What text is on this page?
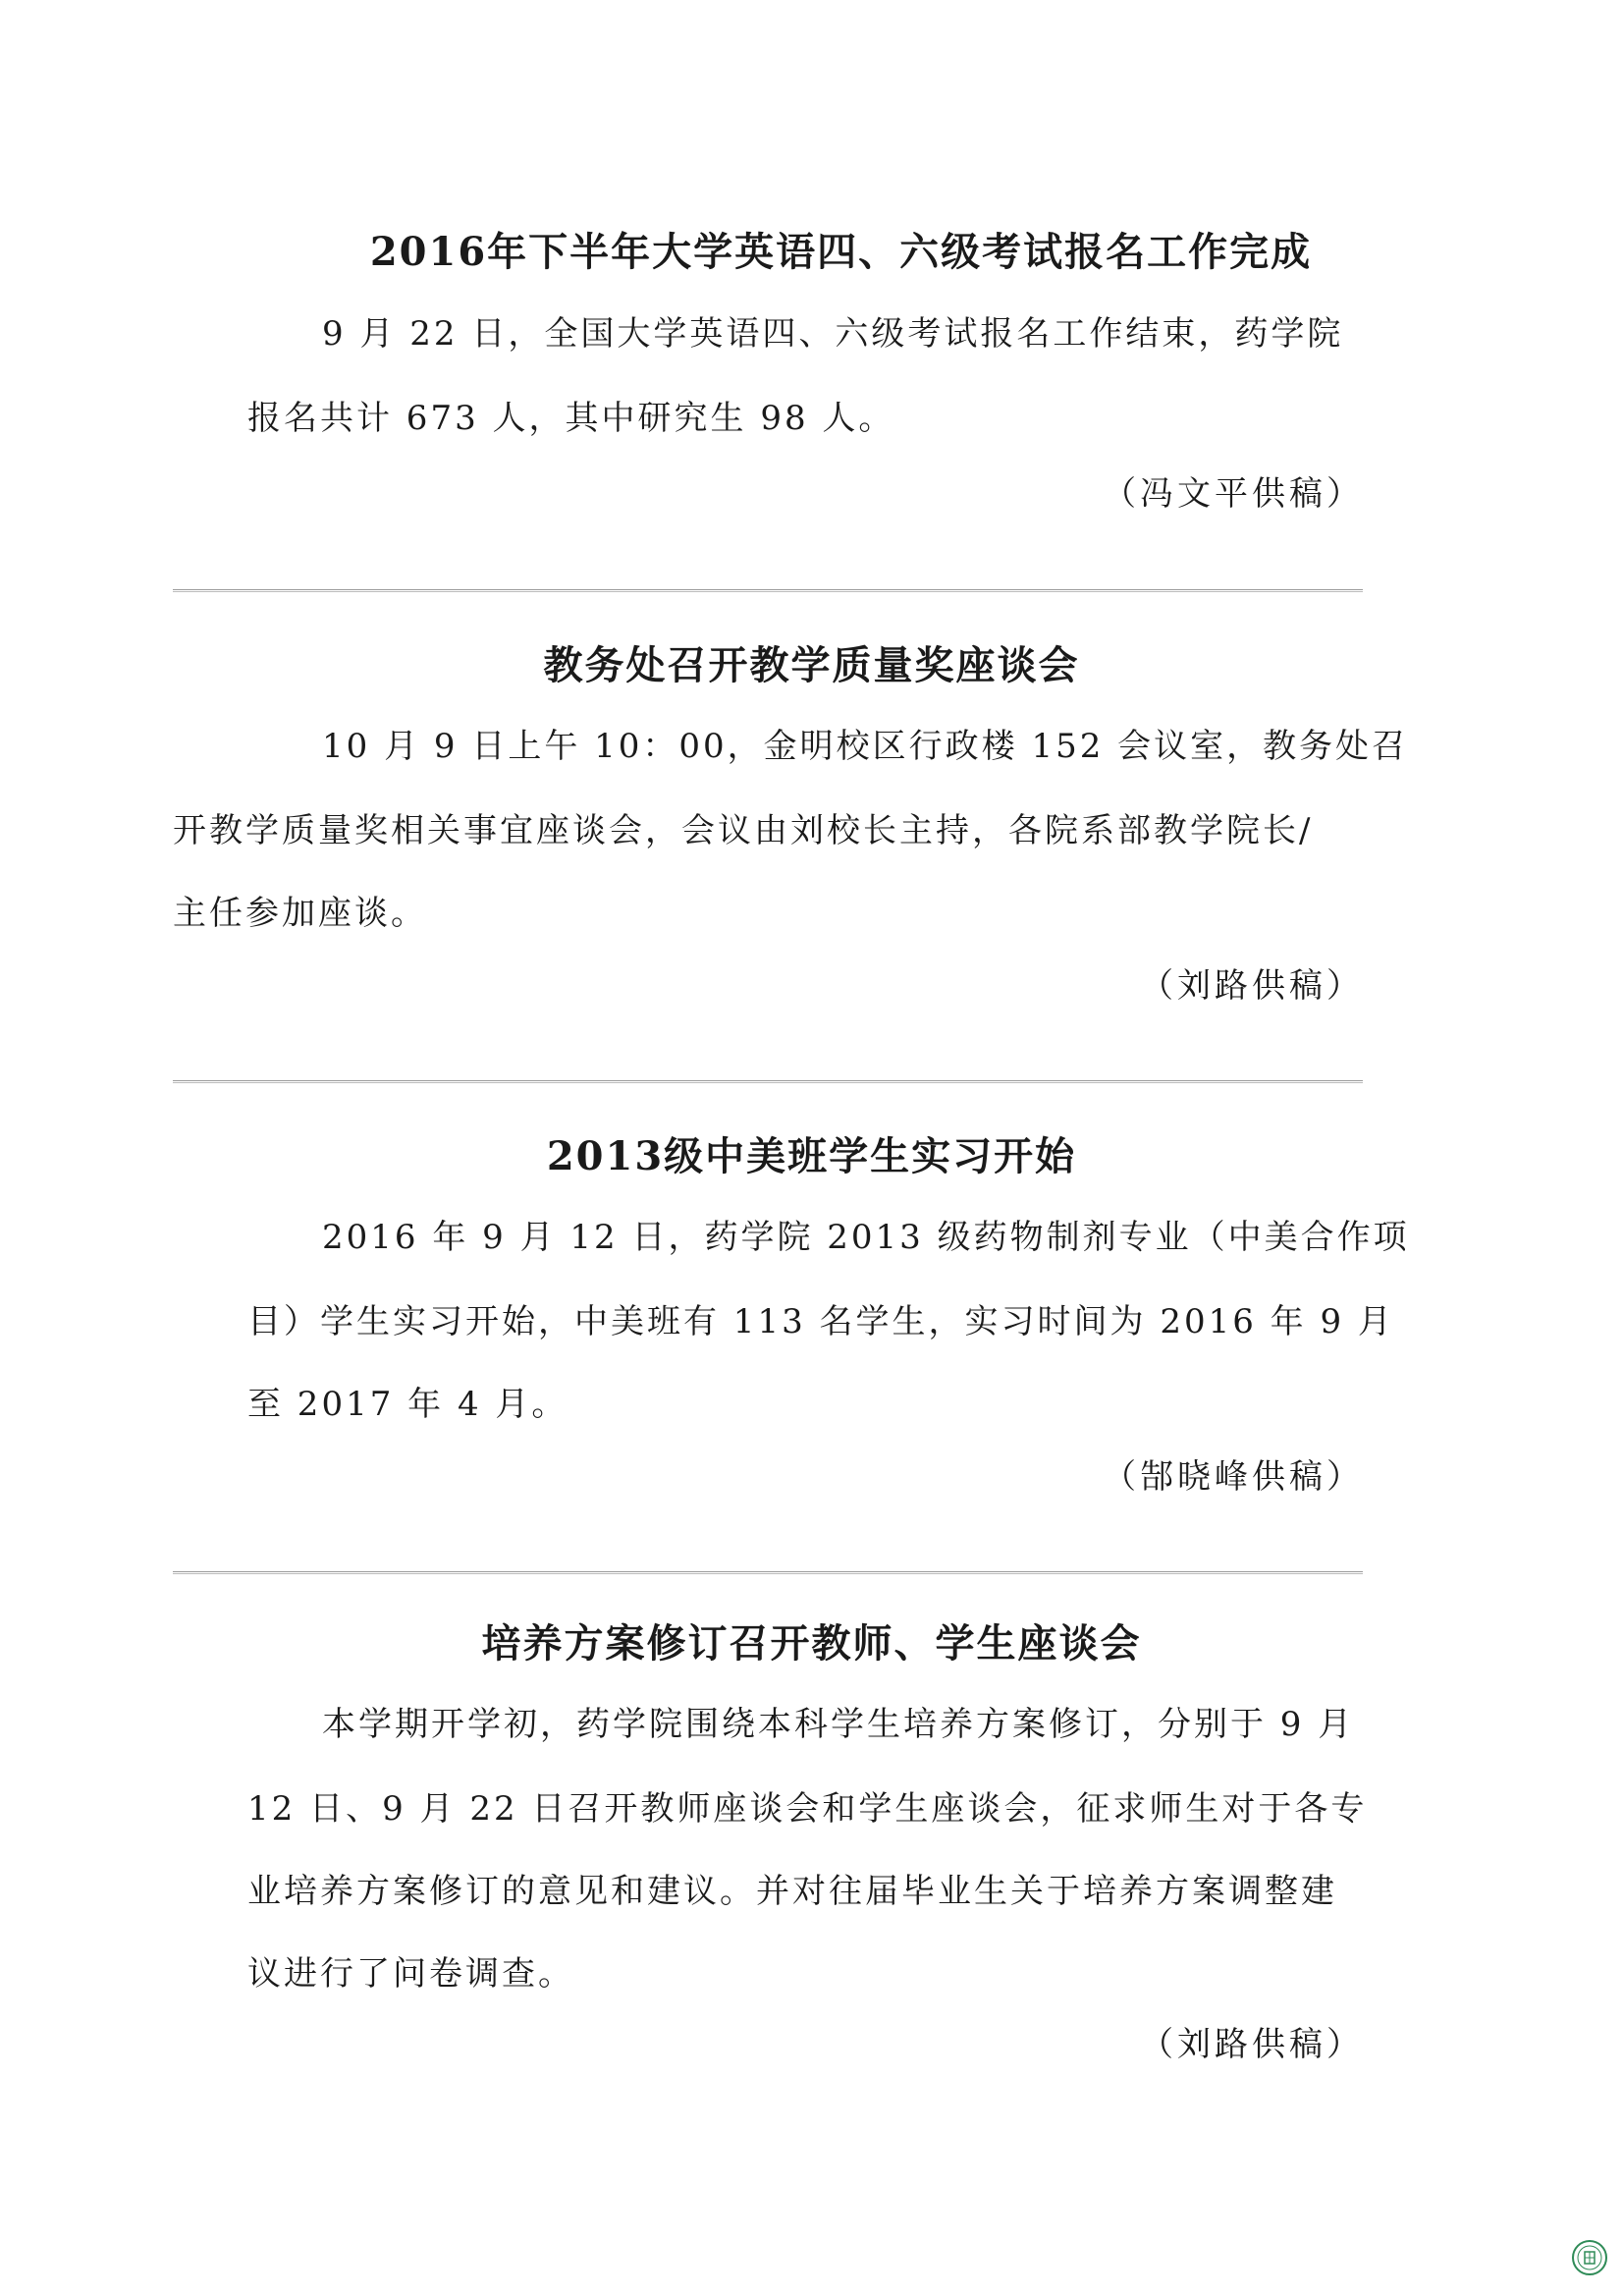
2016年下半年大学英语四、六级考试报名工作完成
9 月 22 日，全国大学英语四、六级考试报名工作结束，药学院
报名共计 673 人，其中研究生 98 人。
（冯文平供稿）
教务处召开教学质量奖座谈会
10 月 9 日上午 10：00，金明校区行政楼 152 会议室，教务处召
开教学质量奖相关事宜座谈会，会议由刘校长主持，各院系部教学院长/
主任参加座谈。
（刘路供稿）
2013级中美班学生实习开始
2016 年 9 月 12 日，药学院 2013 级药物制剂专业（中美合作项
目）学生实习开始，中美班有 113 名学生，实习时间为 2016 年 9 月
至 2017 年 4 月。
（郜晓峰供稿）
培养方案修订召开教师、学生座谈会
本学期开学初，药学院围绕本科学生培养方案修订，分别于 9 月
12 日、9 月 22 日召开教师座谈会和学生座谈会，征求师生对于各专
业培养方案修订的意见和建议。并对往届毕业生关于培养方案调整建
议进行了问卷调查。
（刘路供稿）
